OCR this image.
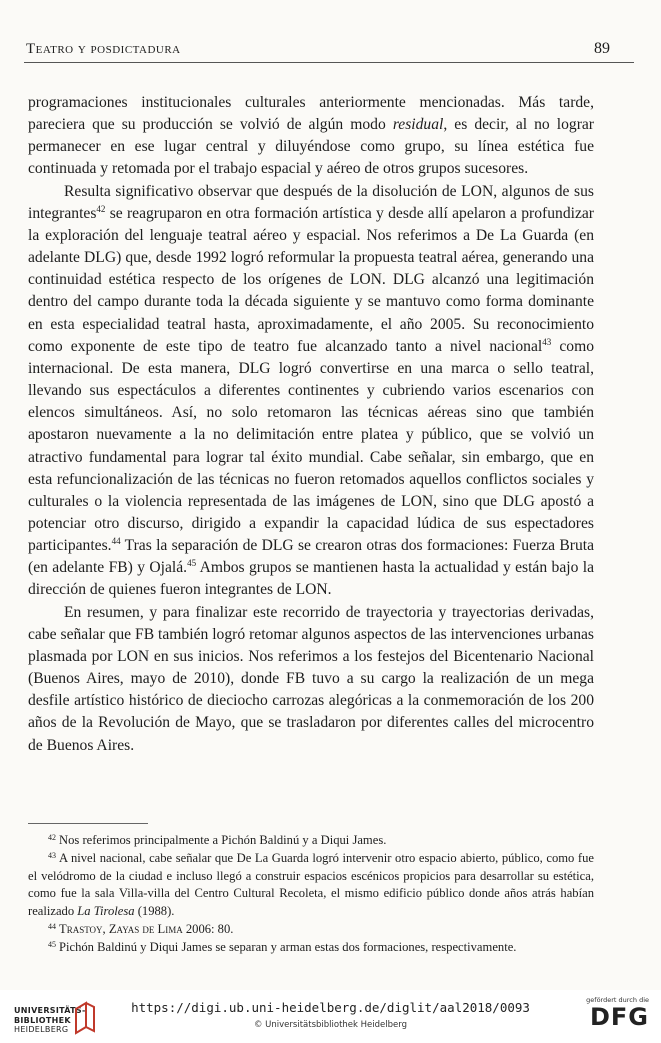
Teatro y posdictadura	89

programaciones institucionales culturales anteriormente mencionadas. Más tarde, pareciera que su producción se volvió de algún modo residual, es decir, al no lograr permanecer en ese lugar central y diluyéndose como grupo, su línea estética fue continuada y retomada por el trabajo espacial y aéreo de otros grupos sucesores.

Resulta significativo observar que después de la disolución de LON, algunos de sus integrantes$^{42}$ se reagruparon en otra formación artística y desde allí apelaron a profundizar la exploración del lenguaje teatral aéreo y espacial. Nos referimos a De La Guarda (en adelante DLG) que, desde 1992 logró reformular la propuesta teatral aérea, generando una continuidad estética respecto de los orígenes de LON. DLG alcanzó una legitimación dentro del campo durante toda la década siguiente y se mantuvo como forma dominante en esta especialidad teatral hasta, aproximadamente, el año 2005. Su reconocimiento como exponente de este tipo de teatro fue alcanzado tanto a nivel nacional$^{43}$ como internacional. De esta manera, DLG logró convertirse en una marca o sello teatral, llevando sus espectáculos a diferentes continentes y cubriendo varios escenarios con elencos simultáneos. Así, no solo retomaron las técnicas aéreas sino que también apostaron nuevamente a la no delimitación entre platea y público, que se volvió un atractivo fundamental para lograr tal éxito mundial. Cabe señalar, sin embargo, que en esta refuncionalización de las técnicas no fueron retomados aquellos conflictos sociales y culturales o la violencia representada de las imágenes de LON, sino que DLG apostó a potenciar otro discurso, dirigido a expandir la capacidad lúdica de sus espectadores participantes.$^{44}$ Tras la separación de DLG se crearon otras dos formaciones: Fuerza Bruta (en adelante FB) y Ojalá.$^{45}$ Ambos grupos se mantienen hasta la actualidad y están bajo la dirección de quienes fueron integrantes de LON.

En resumen, y para finalizar este recorrido de trayectoria y trayectorias derivadas, cabe señalar que FB también logró retomar algunos aspectos de las intervenciones urbanas plasmada por LON en sus inicios. Nos referimos a los festejos del Bicentenario Nacional (Buenos Aires, mayo de 2010), donde FB tuvo a su cargo la realización de un mega desfile artístico histórico de dieciocho carrozas alegóricas a la conmemoración de los 200 años de la Revolución de Mayo, que se trasladaron por diferentes calles del microcentro de Buenos Aires.

$^{42}$ Nos referimos principalmente a Pichón Baldinú y a Diqui James.

$^{43}$ A nivel nacional, cabe señalar que De La Guarda logró intervenir otro espacio abierto, público, como fue el velódromo de la ciudad e incluso llegó a construir espacios escénicos propicios para desarrollar su estética, como fue la sala Villa-villa del Centro Cultural Recoleta, el mismo edificio público donde años atrás habían realizado La Tirolesa (1988).

$^{44}$ Trastoy, Zayas de Lima 2006: 80.

$^{45}$ Pichón Baldinú y Diqui James se separan y arman estas dos formaciones, respectivamente.

UNIVERSITÄTS-
BIBLIOTHEK
HEIDELBERG
https://digi.ub.uni-heidelberg.de/diglit/aal2018/0093
© Universitätsbibliothek Heidelberg
gefördert durch die
DFG
